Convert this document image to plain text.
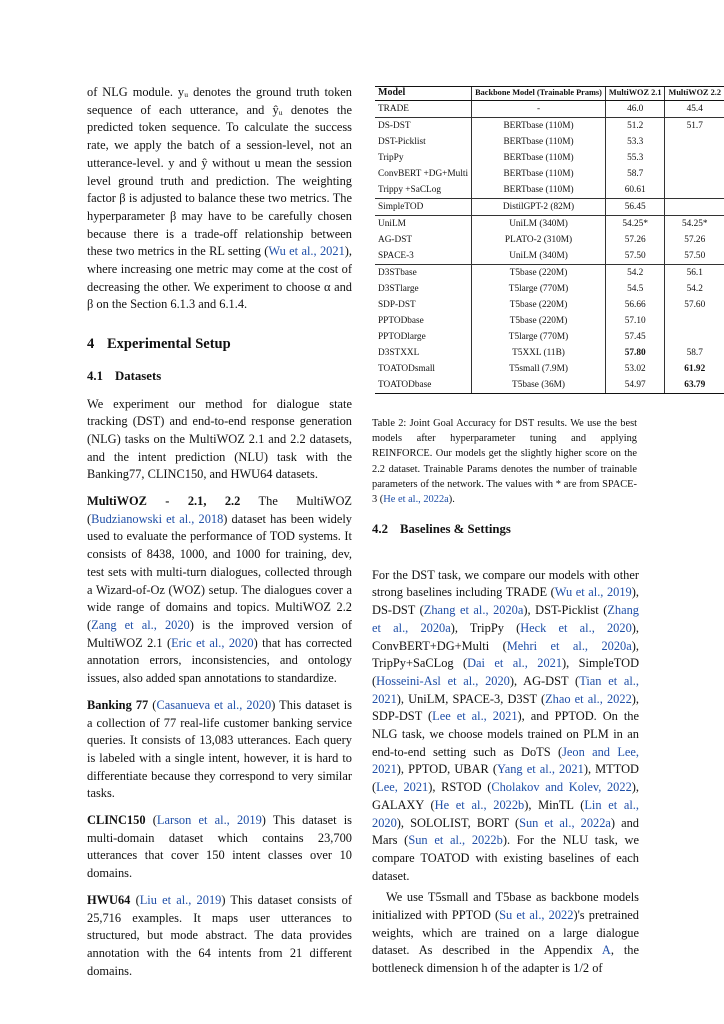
of NLG module. yᵤ denotes the ground truth token sequence of each utterance, and ŷᵤ denotes the predicted token sequence. To calculate the success rate, we apply the batch of a session-level, not an utterance-level. y and ŷ without u mean the session level ground truth and prediction. The weighting factor β is adjusted to balance these two metrics. The hyperparameter β may have to be carefully chosen because there is a trade-off relationship between these two metrics in the RL setting (Wu et al., 2021), where increasing one metric may come at the cost of decreasing the other. We experiment to choose α and β on the Section 6.1.3 and 6.1.4.

4 Experimental Setup
4.1 Datasets

We experiment our method for dialogue state tracking (DST) and end-to-end response generation (NLG) tasks on the MultiWOZ 2.1 and 2.2 datasets, and the intent prediction (NLU) task with the Banking77, CLINC150, and HWU64 datasets.

MultiWOZ - 2.1, 2.2 The MultiWOZ (Budzianowski et al., 2018) dataset has been widely used to evaluate the performance of TOD systems. It consists of 8438, 1000, and 1000 for training, dev, test sets with multi-turn dialogues, collected through a Wizard-of-Oz (WOZ) setup. The dialogues cover a wide range of domains and topics. MultiWOZ 2.2 (Zang et al., 2020) is the improved version of MultiWOZ 2.1 (Eric et al., 2020) that has corrected annotation errors, inconsistencies, and ontology issues, also added span annotations to standardize.

Banking 77 (Casanueva et al., 2020) This dataset is a collection of 77 real-life customer banking service queries. It consists of 13,083 utterances. Each query is labeled with a single intent, however, it is hard to differentiate because they correspond to very similar tasks.

CLINC150 (Larson et al., 2019) This dataset is multi-domain dataset which contains 23,700 utterances that cover 150 intent classes over 10 domains.

HWU64 (Liu et al., 2019) This dataset consists of 25,716 examples. It maps user utterances to structured, but mode abstract. The data provides annotation with the 64 intents from 21 different domains.

Model	Backbone Model (Trainable Prams)	MultiWOZ 2.1	MultiWOZ 2.2
TRADE	-	46.0	45.4
DS-DST	BERTbase (110M)	51.2	51.7
DST-Picklist	BERTbase (110M)	53.3	
TripPy	BERTbase (110M)	55.3	
ConvBERT +DG+Multi	BERTbase (110M)	58.7	
Trippy +SaCLog	BERTbase (110M)	60.61	
SimpleTOD	DistilGPT-2 (82M)	56.45	
UniLM	UniLM (340M)	54.25*	54.25*
AG-DST	PLATO-2 (310M)	57.26	57.26
SPACE-3	UniLM (340M)	57.50	57.50
D3STbase	T5base (220M)	54.2	56.1
D3STlarge	T5large (770M)	54.5	54.2
SDP-DST	T5base (220M)	56.66	57.60
PPTODbase	T5base (220M)	57.10	
PPTODlarge	T5large (770M)	57.45	
D3STXXL	T5XXL (11B)	57.80	58.7
TOATODsmall	T5small (7.9M)	53.02	61.92
TOATODbase	T5base (36M)	54.97	63.79
Table 2: Joint Goal Accuracy for DST results. We use the best models after hyperparameter tuning and applying REINFORCE. Our models get the slightly higher score on the 2.2 dataset. Trainable Params denotes the number of trainable parameters of the network. The values with * are from SPACE-3 (He et al., 2022a).
4.2 Baselines & Settings

For the DST task, we compare our models with other strong baselines including TRADE (Wu et al., 2019), DS-DST (Zhang et al., 2020a), DST-Picklist (Zhang et al., 2020a), TripPy (Heck et al., 2020), ConvBERT+DG+Multi (Mehri et al., 2020a), TripPy+SaCLog (Dai et al., 2021), SimpleTOD (Hosseini-Asl et al., 2020), AG-DST (Tian et al., 2021), UniLM, SPACE-3, D3ST (Zhao et al., 2022), SDP-DST (Lee et al., 2021), and PPTOD. On the NLG task, we choose models trained on PLM in an end-to-end setting such as DoTS (Jeon and Lee, 2021), PPTOD, UBAR (Yang et al., 2021), MTTOD (Lee, 2021), RSTOD (Cholakov and Kolev, 2022), GALAXY (He et al., 2022b), MinTL (Lin et al., 2020), SOLOLIST, BORT (Sun et al., 2022a) and Mars (Sun et al., 2022b). For the NLU task, we compare TOATOD with existing baselines of each dataset.

We use T5small and T5base as backbone models initialized with PPTOD (Su et al., 2022)'s pretrained weights, which are trained on a large dialogue dataset. As described in the Appendix A, the bottleneck dimension h of the adapter is 1/2 of
